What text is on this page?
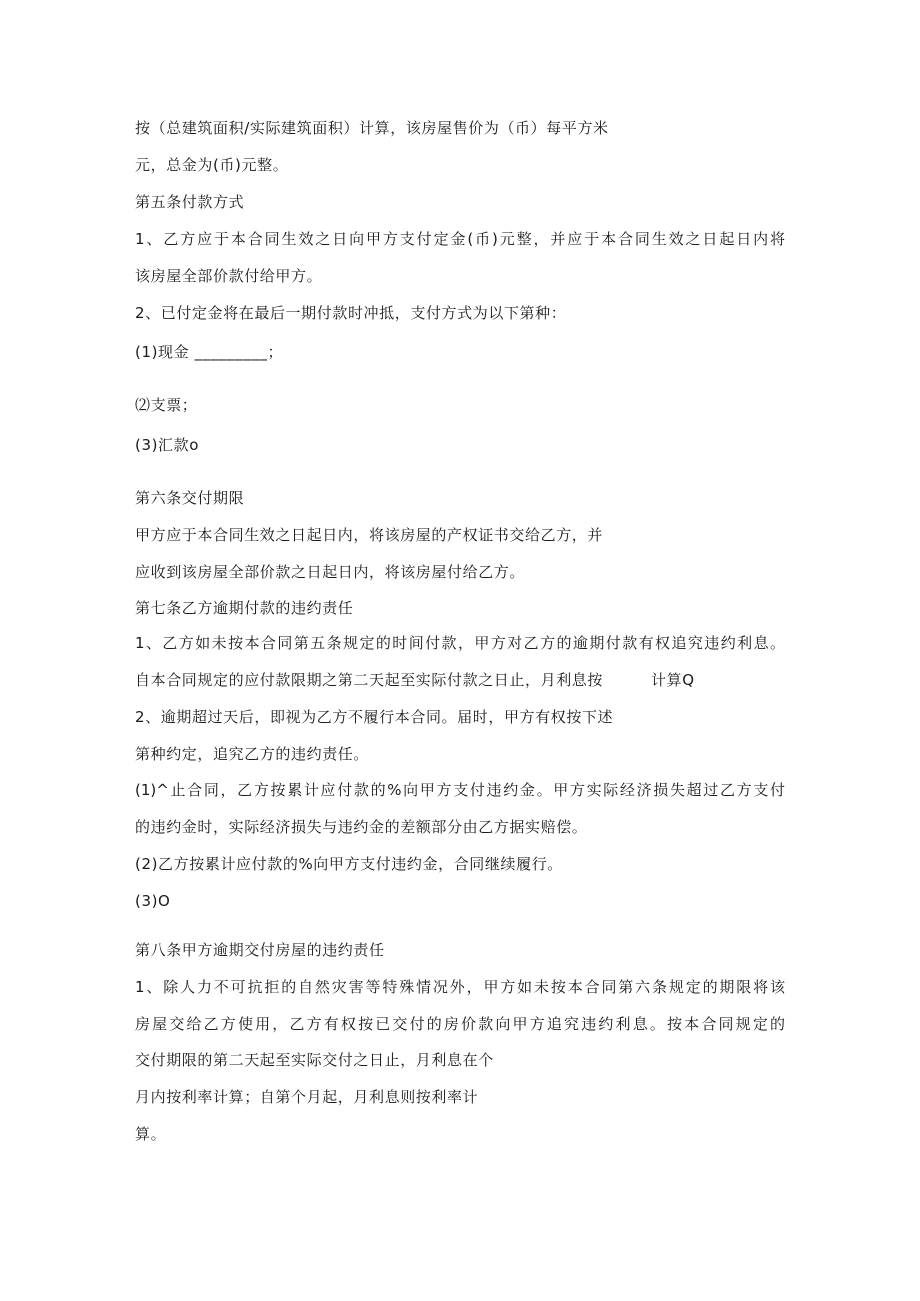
按（总建筑面积/实际建筑面积）计算，该房屋售价为（币）每平方米
元，总金为(币)元整。
第五条付款方式
1、乙方应于本合同生效之日向甲方支付定金(币)元整，并应于本合同生效之日起日内将
该房屋全部价款付给甲方。
2、已付定金将在最后一期付款时冲抵，支付方式为以下第种：
(1)现金 _________；
⑵支票；
(3)汇款o
第六条交付期限
甲方应于本合同生效之日起日内，将该房屋的产权证书交给乙方，并
应收到该房屋全部价款之日起日内，将该房屋付给乙方。
第七条乙方逾期付款的违约责任
1、乙方如未按本合同第五条规定的时间付款，甲方对乙方的逾期付款有权追究违约利息。
自本合同规定的应付款限期之第二天起至实际付款之日止，月利息按	计算Q
2、逾期超过天后，即视为乙方不履行本合同。届时，甲方有权按下述
第种约定，追究乙方的违约责任。
(1)^止合同，乙方按累计应付款的%向甲方支付违约金。甲方实际经济损失超过乙方支付
的违约金时，实际经济损失与违约金的差额部分由乙方据实赔偿。
(2)乙方按累计应付款的%向甲方支付违约金，合同继续履行。
(3)O
第八条甲方逾期交付房屋的违约责任
1、除人力不可抗拒的自然灾害等特殊情况外，甲方如未按本合同第六条规定的期限将该
房屋交给乙方使用，乙方有权按已交付的房价款向甲方追究违约利息。按本合同规定的
交付期限的第二天起至实际交付之日止，月利息在个
月内按利率计算；自第个月起，月利息则按利率计
算。
